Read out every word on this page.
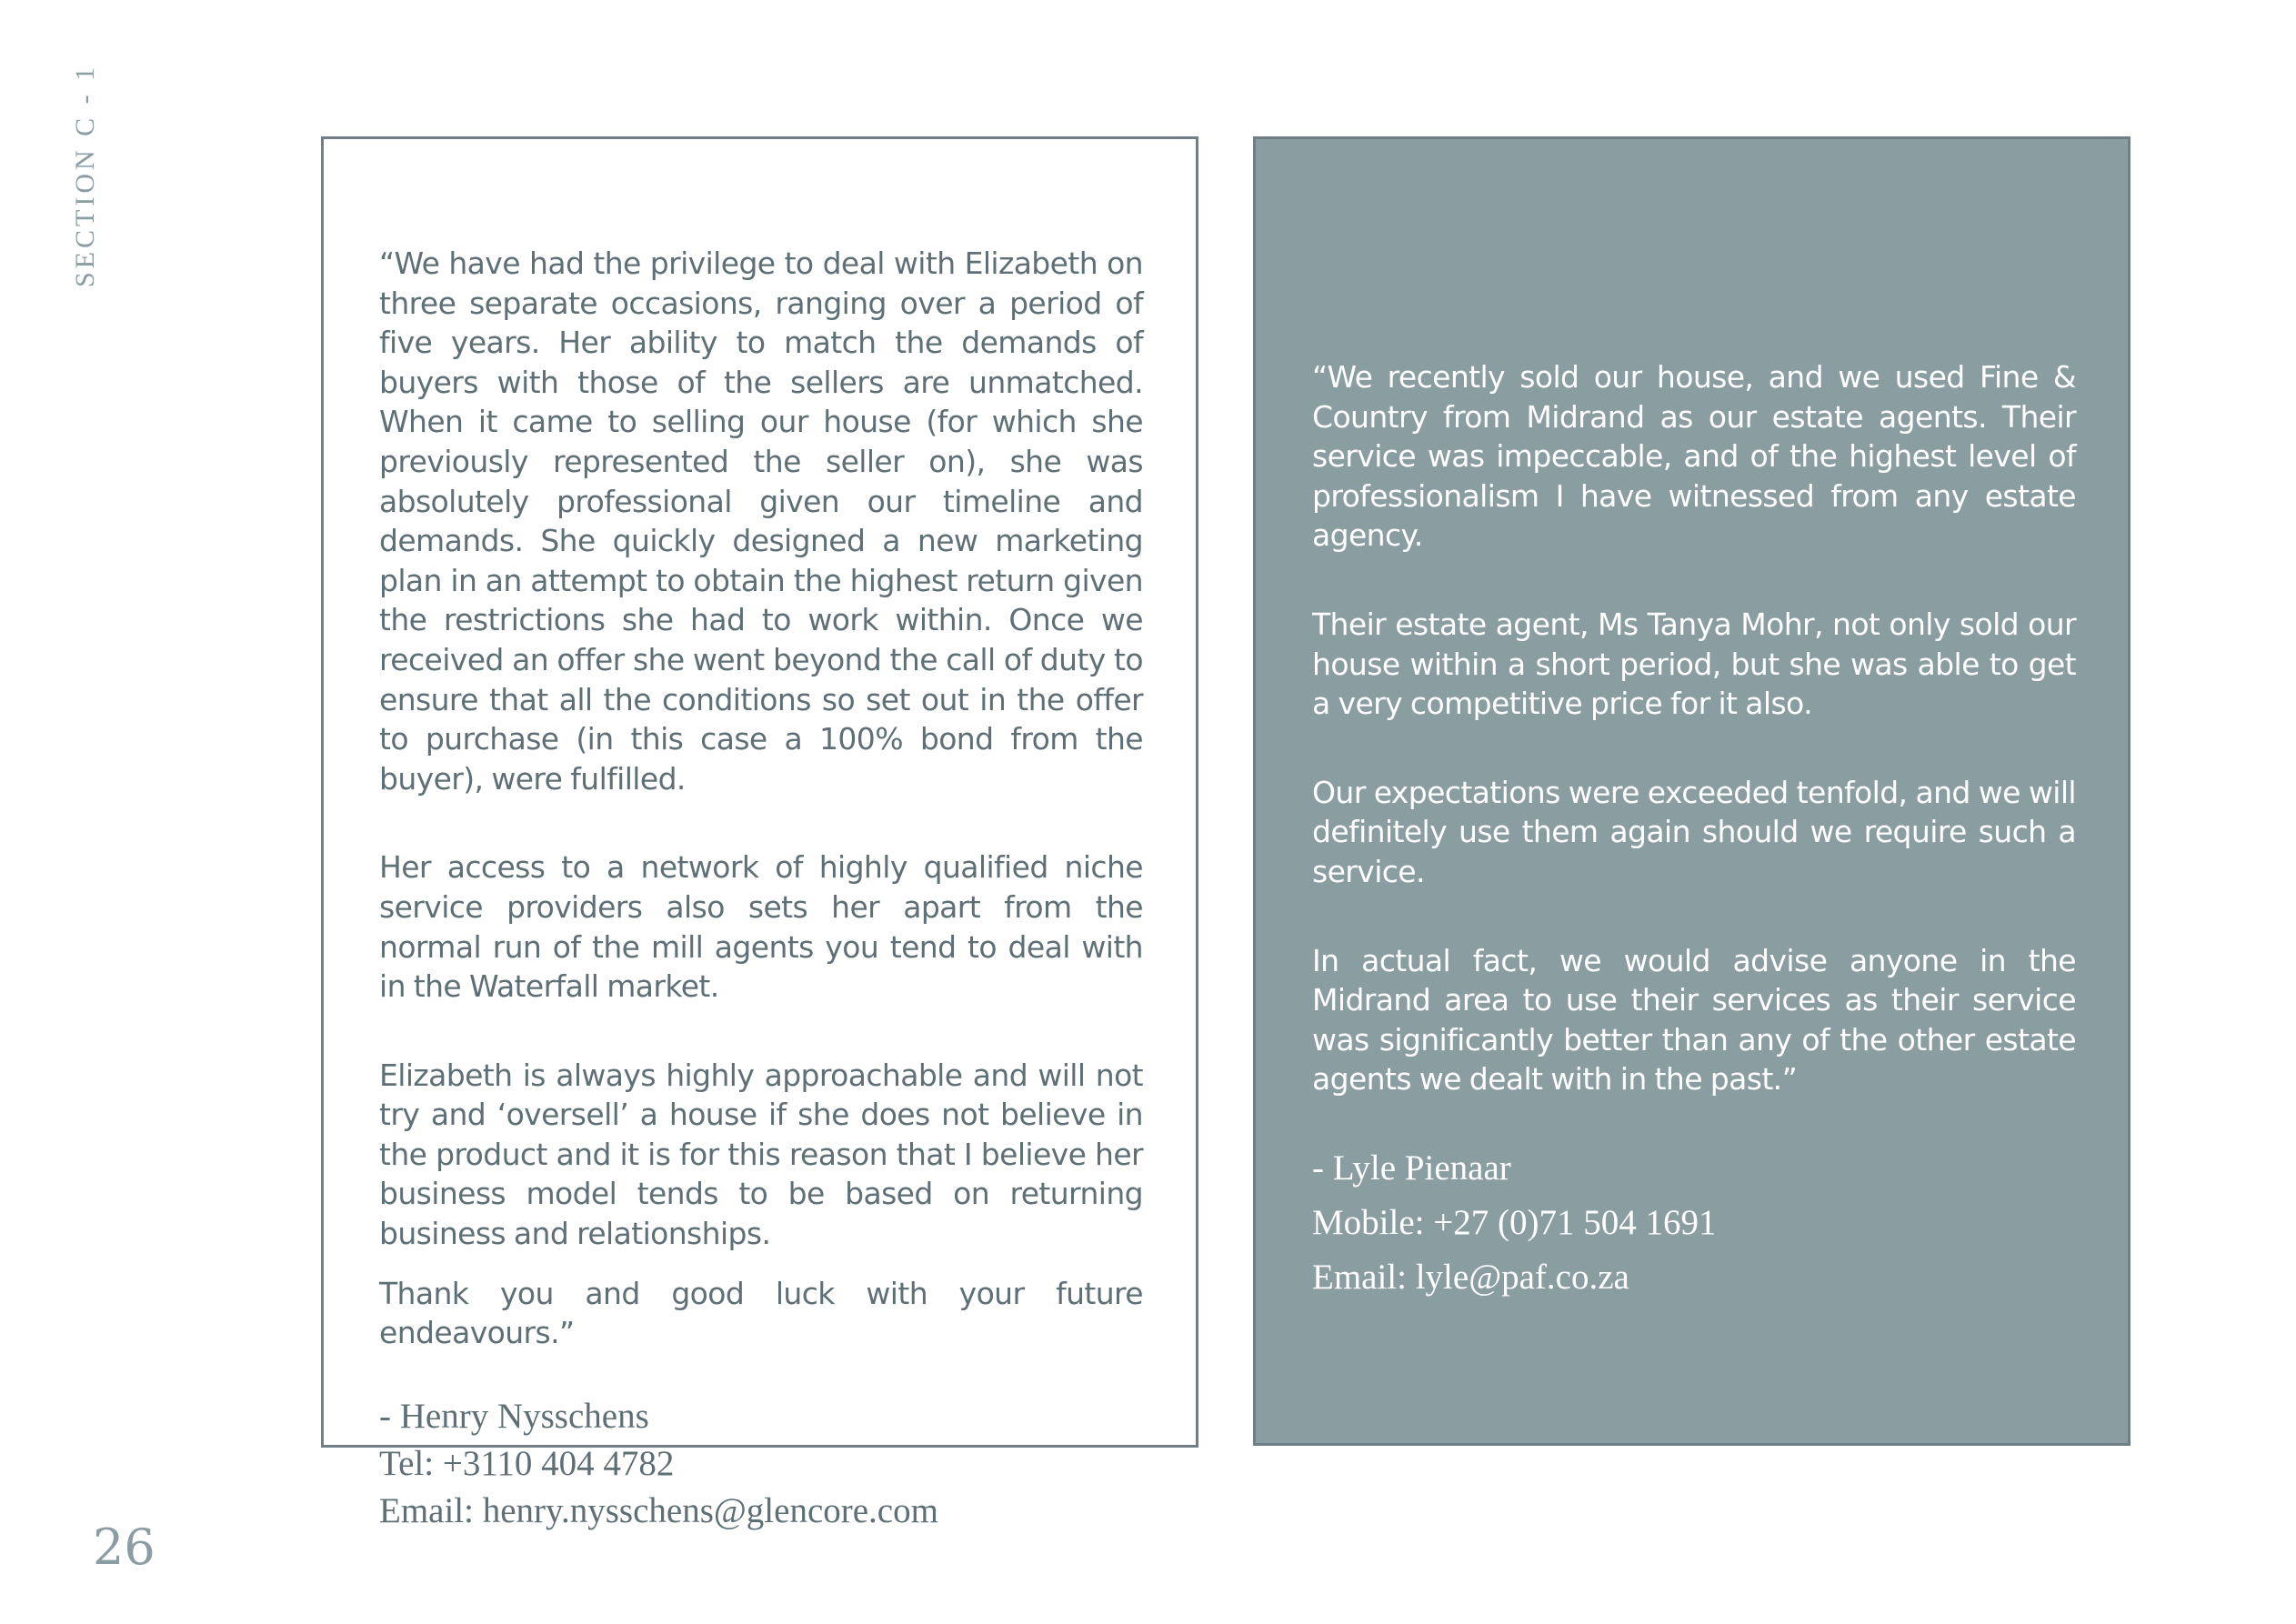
SECTION C - 1	“We have had the privilege to deal with Elizabeth on three separate occasions, ranging over a period of five years. Her ability to match the demands of buyers with those of the sellers are unmatched. When it came to selling our house (for which she previously represented the seller on), she was absolutely professional given our timeline and demands. She quickly designed a new marketing plan in an attempt to obtain the highest return given the restrictions she had to work within. Once we received an offer she went beyond the call of duty to ensure that all the conditions so set out in the offer to purchase (in this case a 100% bond from the buyer), were fulfilled.

Her access to a network of highly qualified niche service providers also sets her apart from the normal run of the mill agents you tend to deal with in the Waterfall market.

Elizabeth is always highly approachable and will not try and ‘oversell’ a house if she does not believe in the product and it is for this reason that I believe her business model tends to be based on returning business and relationships.

Thank you and good luck with your future endeavours.”

- Henry Nysschens

Tel: +3110 404 4782

Email: henry.nysschens@glencore.com

“We recently sold our house, and we used Fine & Country from Midrand as our estate agents. Their service was impeccable, and of the highest level of professionalism I have witnessed from any estate agency.

Their estate agent, Ms Tanya Mohr, not only sold our house within a short period, but she was able to get a very competitive price for it also.

Our expectations were exceeded tenfold, and we will definitely use them again should we require such a service.

In actual fact, we would advise anyone in the Midrand area to use their services as their service was significantly better than any of the other estate agents we dealt with in the past.”

- Lyle Pienaar

Mobile: +27 (0)71 504 1691

Email: lyle@paf.co.za

26
